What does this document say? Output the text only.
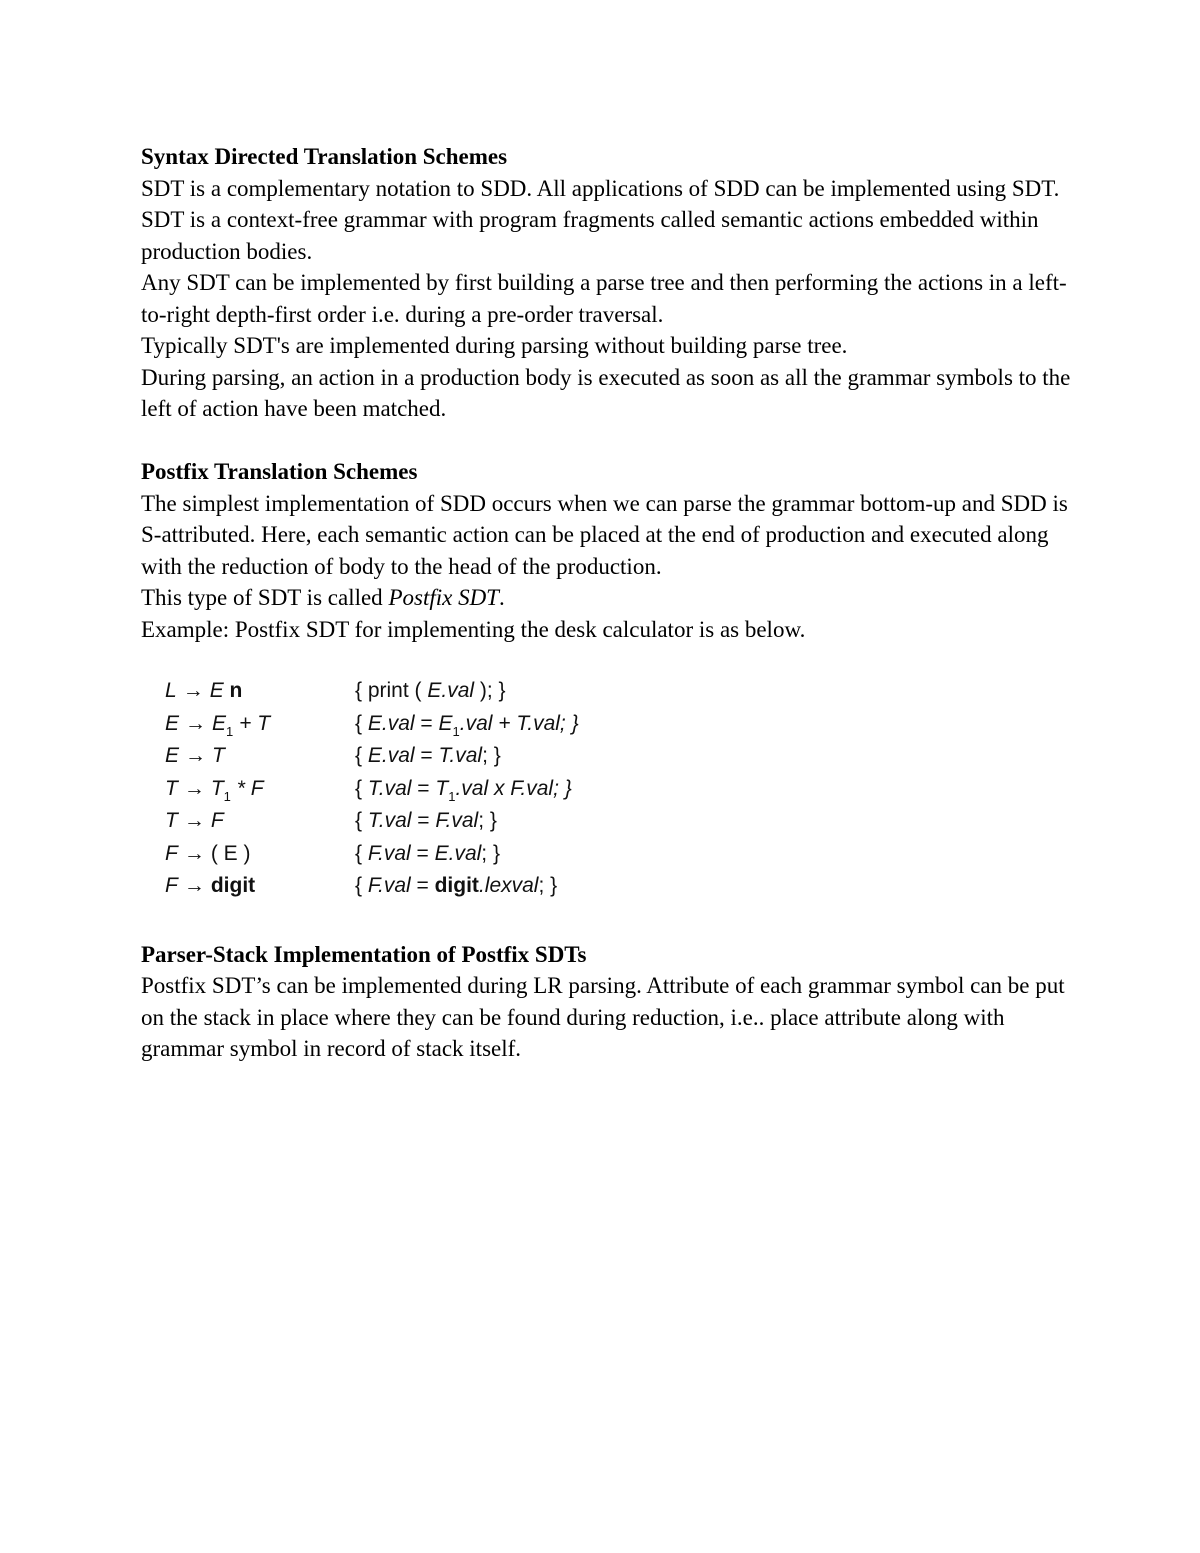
Syntax Directed Translation Schemes

SDT is a complementary notation to SDD. All applications of SDD can be implemented using SDT. SDT is a context-free grammar with program fragments called semantic actions embedded within production bodies.

Any SDT can be implemented by first building a parse tree and then performing the actions in a left-to-right depth-first order i.e. during a pre-order traversal.

Typically SDT's are implemented during parsing without building parse tree.

During parsing, an action in a production body is executed as soon as all the grammar symbols to the left of action have been matched.

Postfix Translation Schemes

The simplest implementation of SDD occurs when we can parse the grammar bottom-up and SDD is S-attributed. Here, each semantic action can be placed at the end of production and executed along with the reduction of body to the head of the production.

This type of SDT is called Postfix SDT.

Example: Postfix SDT for implementing the desk calculator is as below.

L → E n	{ print ( E.val ); }
$E \to E_1 + T$	{ $E.val = E_1.val + T.val$; }
E → T	{ E.val = T.val; }
$T \to T_1 * F$	{ $T.val = T_1.val$ x F.val; }
T → F	{ T.val = F.val; }
F → ( E )	{ F.val = E.val; }
F → digit	{ F.val = digit.lexval; }

Parser-Stack Implementation of Postfix SDTs

Postfix SDT’s can be implemented during LR parsing. Attribute of each grammar symbol can be put on the stack in place where they can be found during reduction, i.e.. place attribute along with grammar symbol in record of stack itself.
